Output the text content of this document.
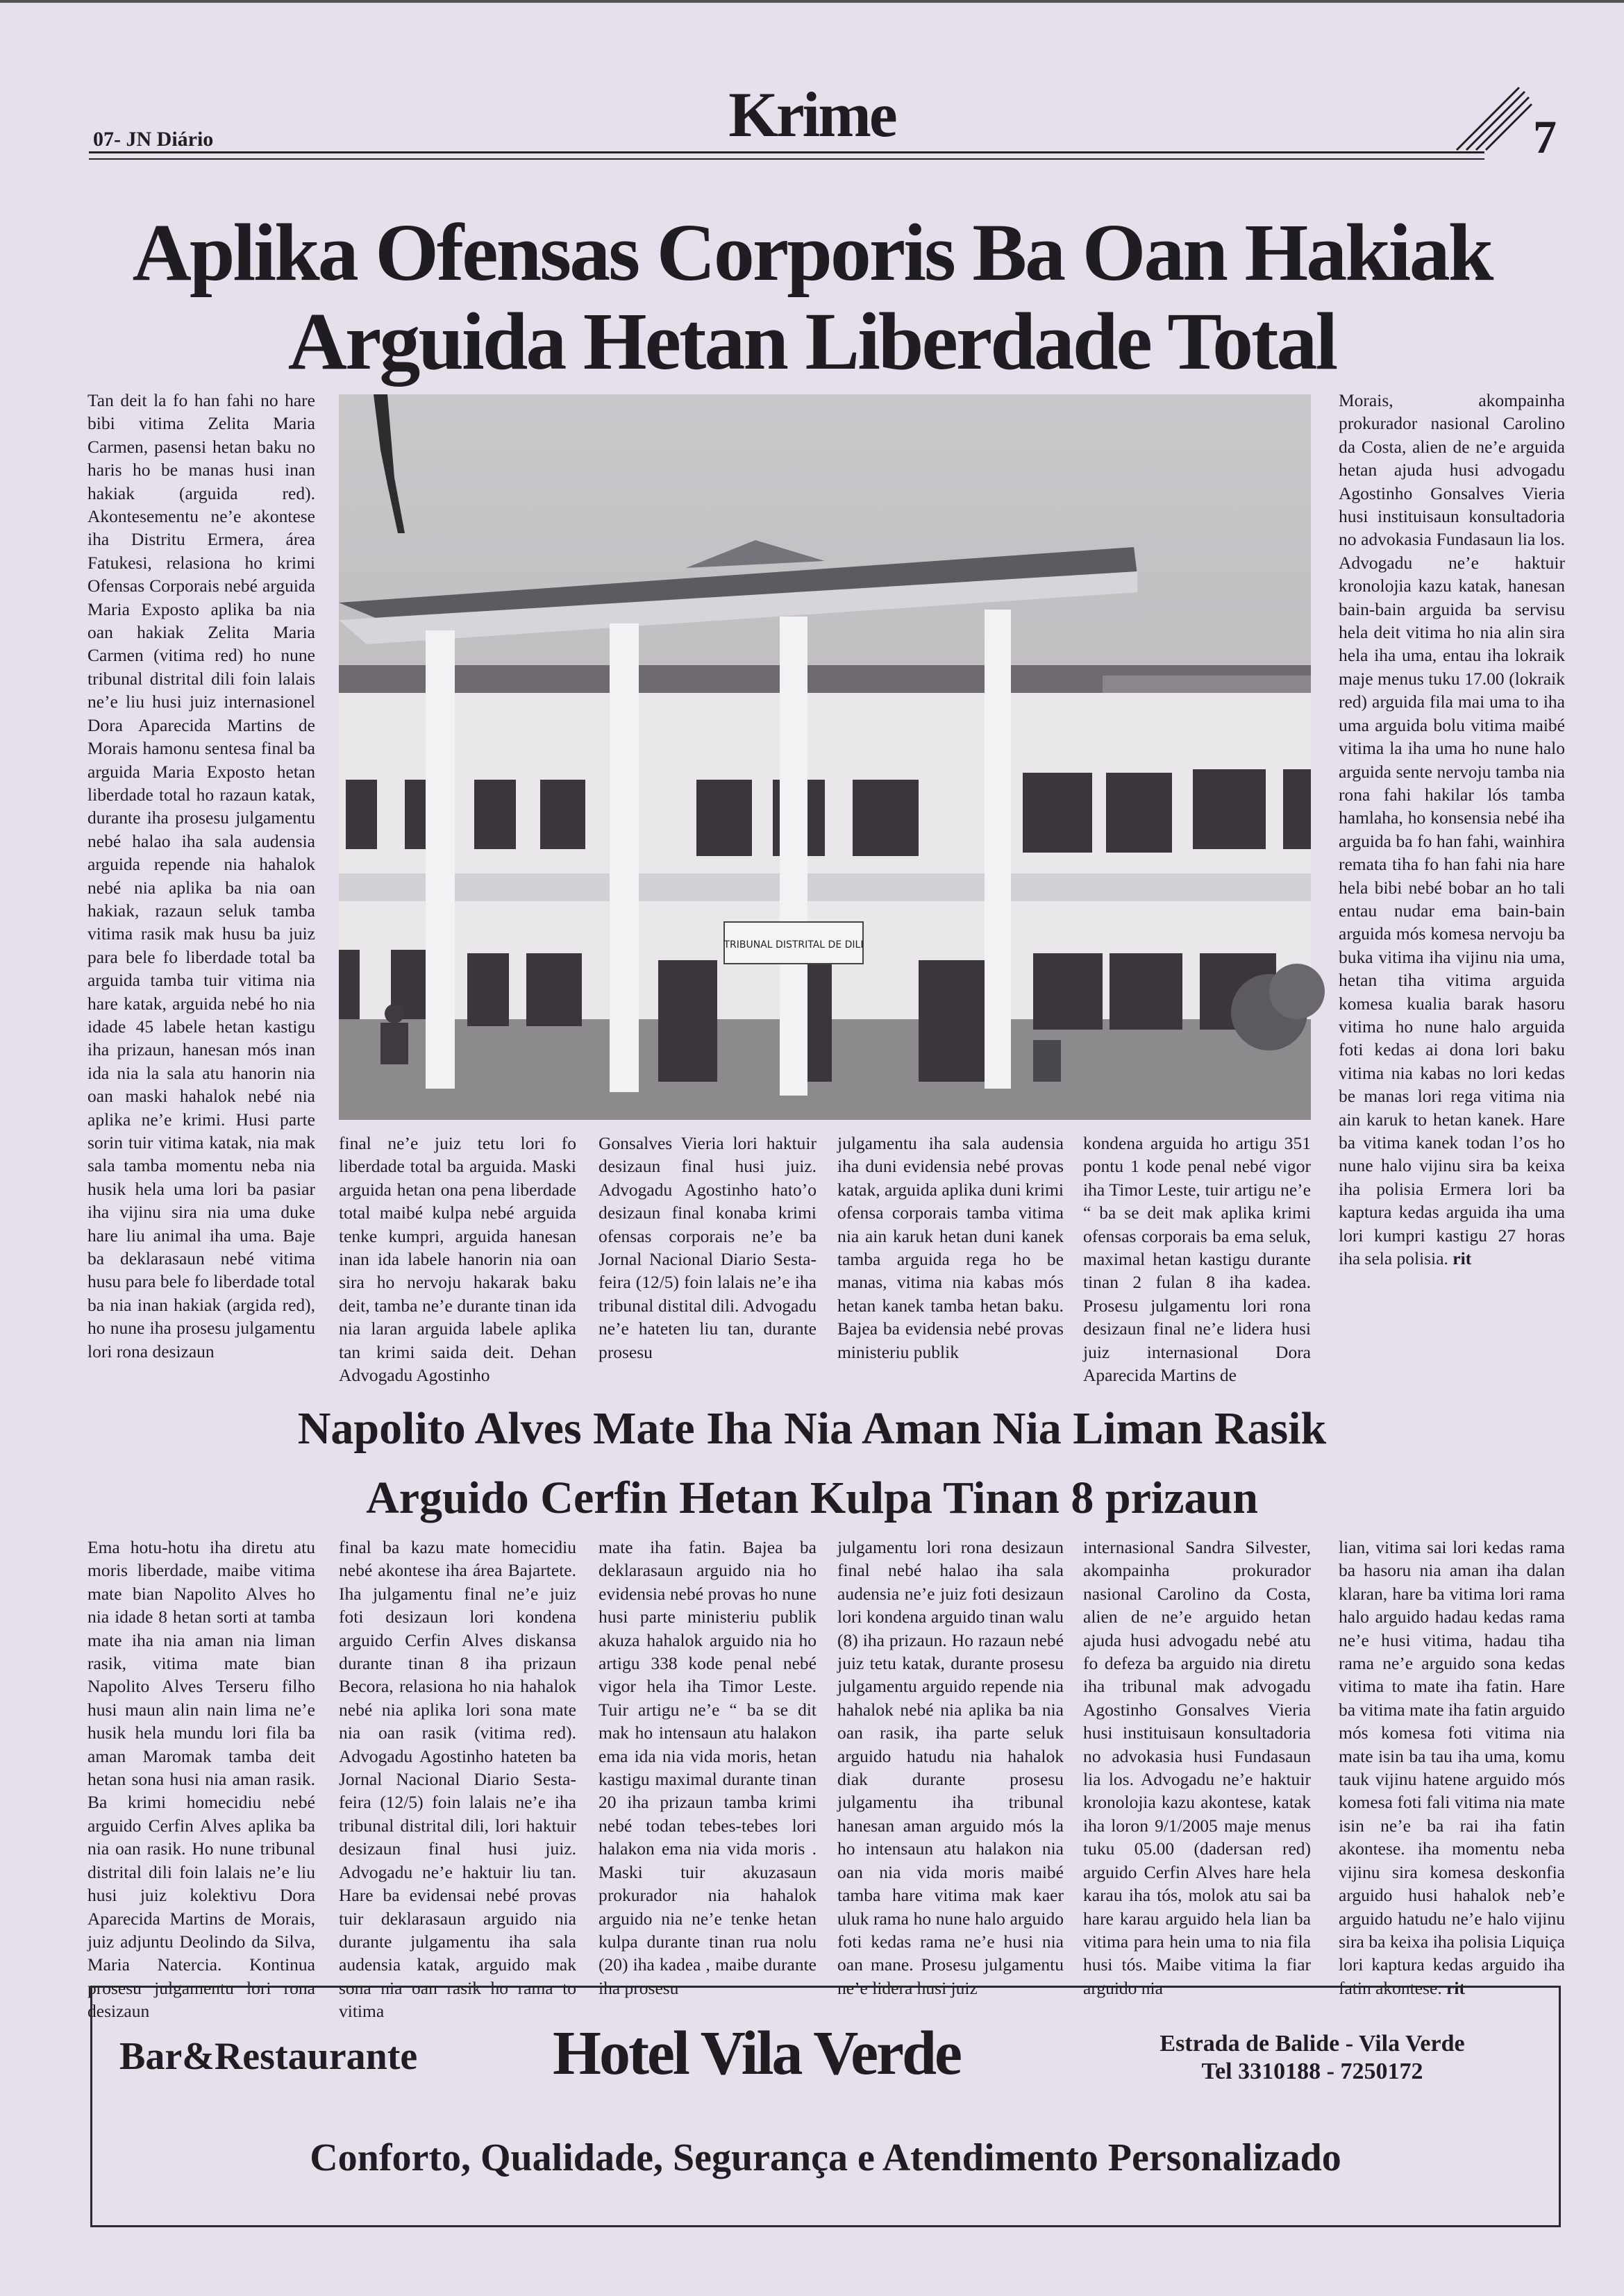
07- JN Diário	Krime	7
Aplika Ofensas Corporis Ba Oan Hakiak
Arguida Hetan Liberdade Total
Tan deit la fo han fahi no hare bibi vitima Zelita Maria Carmen, pasensi hetan baku no haris ho be manas husi inan hakiak (arguida red). Akontesementu ne’e akontese iha Distritu Ermera, área Fatukesi, relasiona ho krimi Ofensas Corporais nebé arguida Maria Exposto aplika ba nia oan hakiak Zelita Maria Carmen (vitima red) ho nune tribunal distrital dili foin lalais ne’e liu husi juiz internasionel Dora Aparecida Martins de Morais hamonu sentesa final ba arguida Maria Exposto hetan liberdade total ho razaun katak, durante iha prosesu julgamentu nebé halao iha sala audensia arguida repende nia hahalok nebé nia aplika ba nia oan hakiak, razaun seluk tamba vitima rasik mak husu ba juiz para bele fo liberdade total ba arguida tamba tuir vitima nia hare katak, arguida nebé ho nia idade 45 labele hetan kastigu iha prizaun, hanesan mós inan ida nia la sala atu hanorin nia oan maski hahalok nebé nia aplika ne’e krimi. Husi parte sorin tuir vitima katak, nia mak sala tamba momentu neba nia husik hela uma lori ba pasiar iha vijinu sira nia uma duke hare liu animal iha uma. Baje ba deklarasaun nebé vitima husu para bele fo liberdade total ba nia inan hakiak (argida red), ho nune iha prosesu julgamentu lori rona desizaun
TRIBUNAL DISTRITAL DE DILI
final ne’e juiz tetu lori fo liberdade total ba arguida. Maski arguida hetan ona pena liberdade total maibé kulpa nebé arguida tenke kumpri, arguida hanesan inan ida labele hanorin nia oan sira ho nervoju hakarak baku deit, tamba ne’e durante tinan ida nia laran arguida labele aplika tan krimi saida deit. Dehan Advogadu Agostinho
Gonsalves Vieria lori haktuir desizaun final husi juiz. Advogadu Agostinho hato’o desizaun final konaba krimi ofensas corporais ne’e ba Jornal Nacional Diario Sesta-feira (12/5) foin lalais ne’e iha tribunal distital dili. Advogadu ne’e hateten liu tan, durante prosesu
julgamentu iha sala audensia iha duni evidensia nebé provas katak, arguida aplika duni krimi ofensa corporais tamba vitima nia ain karuk hetan duni kanek tamba arguida rega ho be manas, vitima nia kabas mós hetan kanek tamba hetan baku. Bajea ba evidensia nebé provas ministeriu publik
kondena arguida ho artigu 351 pontu 1 kode penal nebé vigor iha Timor Leste, tuir artigu ne’e “ ba se deit mak aplika krimi ofensas corporais ba ema seluk, maximal hetan kastigu durante tinan 2 fulan 8 iha kadea. Prosesu julgamentu lori rona desizaun final ne’e lidera husi juiz internasional Dora Aparecida Martins de
Morais, akompainha prokurador nasional Carolino da Costa, alien de ne’e arguida hetan ajuda husi advogadu Agostinho Gonsalves Vieria husi instituisaun konsultadoria no advokasia Fundasaun lia los. Advogadu ne’e haktuir kronolojia kazu katak, hanesan bain-bain arguida ba servisu hela deit vitima ho nia alin sira hela iha uma, entau iha lokraik maje menus tuku 17.00 (lokraik red) arguida fila mai uma to iha uma arguida bolu vitima maibé vitima la iha uma ho nune halo arguida sente nervoju tamba nia rona fahi hakilar lós tamba hamlaha, ho konsensia nebé iha arguida ba fo han fahi, wainhira remata tiha fo han fahi nia hare hela bibi nebé bobar an ho tali entau nudar ema bain-bain arguida mós komesa nervoju ba buka vitima iha vijinu nia uma, hetan tiha vitima arguida komesa kualia barak hasoru vitima ho nune halo arguida foti kedas ai dona lori baku vitima nia kabas no lori kedas be manas lori rega vitima nia ain karuk to hetan kanek. Hare ba vitima kanek todan l’os ho nune halo vijinu sira ba keixa iha polisia Ermera lori ba kaptura kedas arguida iha uma lori kumpri kastigu 27 horas iha sela polisia. rit
Napolito Alves Mate Iha Nia Aman Nia Liman Rasik
Arguido Cerfin Hetan Kulpa Tinan 8 prizaun
Ema hotu-hotu iha diretu atu moris liberdade, maibe vitima mate bian Napolito Alves ho nia idade 8 hetan sorti at tamba mate iha nia aman nia liman rasik, vitima mate bian Napolito Alves Terseru filho husi maun alin nain lima ne’e husik hela mundu lori fila ba aman Maromak tamba deit hetan sona husi nia aman rasik. Ba krimi homecidiu nebé arguido Cerfin Alves aplika ba nia oan rasik. Ho nune tribunal distrital dili foin lalais ne’e liu husi juiz kolektivu Dora Aparecida Martins de Morais, juiz adjuntu Deolindo da Silva, Maria Natercia. Kontinua prosesu julgamentu lori rona desizaun
final ba kazu mate homecidiu nebé akontese iha área Bajartete. Iha julgamentu final ne’e juiz foti desizaun lori kondena arguido Cerfin Alves diskansa durante tinan 8 iha prizaun Becora, relasiona ho nia hahalok nebé nia aplika lori sona mate nia oan rasik (vitima red). Advogadu Agostinho hateten ba Jornal Nacional Diario Sesta-feira (12/5) foin lalais ne’e iha tribunal distrital dili, lori haktuir desizaun final husi juiz. Advogadu ne’e haktuir liu tan. Hare ba evidensai nebé provas tuir deklarasaun arguido nia durante julgamentu iha sala audensia katak, arguido mak sona nia oan rasik ho rama to vitima
mate iha fatin. Bajea ba deklarasaun arguido nia ho evidensia nebé provas ho nune husi parte ministeriu publik akuza hahalok arguido nia ho artigu 338 kode penal nebé vigor hela iha Timor Leste. Tuir artigu ne’e “ ba se dit mak ho intensaun atu halakon ema ida nia vida moris, hetan kastigu maximal durante tinan 20 iha prizaun tamba krimi nebé todan tebes-tebes lori halakon ema nia vida moris . Maski tuir akuzasaun prokurador nia hahalok arguido nia ne’e tenke hetan kulpa durante tinan rua nolu (20) iha kadea , maibe durante iha prosesu
julgamentu lori rona desizaun final nebé halao iha sala audensia ne’e juiz foti desizaun lori kondena arguido tinan walu (8) iha prizaun. Ho razaun nebé juiz tetu katak, durante prosesu julgamentu arguido repende nia hahalok nebé nia aplika ba nia oan rasik, iha parte seluk arguido hatudu nia hahalok diak durante prosesu julgamentu iha tribunal hanesan aman arguido mós la ho intensaun atu halakon nia oan nia vida moris maibé tamba hare vitima mak kaer uluk rama ho nune halo arguido foti kedas rama ne’e husi nia oan mane. Prosesu julgamentu ne’e lidera husi juiz
internasional Sandra Silvester, akompainha prokurador nasional Carolino da Costa, alien de ne’e arguido hetan ajuda husi advogadu nebé atu fo defeza ba arguido nia diretu iha tribunal mak advogadu Agostinho Gonsalves Vieria husi instituisaun konsultadoria no advokasia husi Fundasaun lia los. Advogadu ne’e haktuir kronolojia kazu akontese, katak iha loron 9/1/2005 maje menus tuku 05.00 (dadersan red) arguido Cerfin Alves hare hela karau iha tós, molok atu sai ba hare karau arguido hela lian ba vitima para hein uma to nia fila husi tós. Maibe vitima la fiar arguido nia
lian, vitima sai lori kedas rama ba hasoru nia aman iha dalan klaran, hare ba vitima lori rama halo arguido hadau kedas rama ne’e husi vitima, hadau tiha rama ne’e arguido sona kedas vitima to mate iha fatin. Hare ba vitima mate iha fatin arguido mós komesa foti vitima nia mate isin ba tau iha uma, komu tauk vijinu hatene arguido mós komesa foti fali vitima nia mate isin ne’e ba rai iha fatin akontese. iha momentu neba vijinu sira komesa deskonfia arguido husi hahalok neb’e arguido hatudu ne’e halo vijinu sira ba keixa iha polisia Liquiça lori kaptura kedas arguido iha fatin akontese. rit
Bar&Restaurante Hotel Vila Verde	Estrada de Balide - Vila Verde
Tel 3310188 - 7250172
Conforto, Qualidade, Segurança e Atendimento Personalizado
